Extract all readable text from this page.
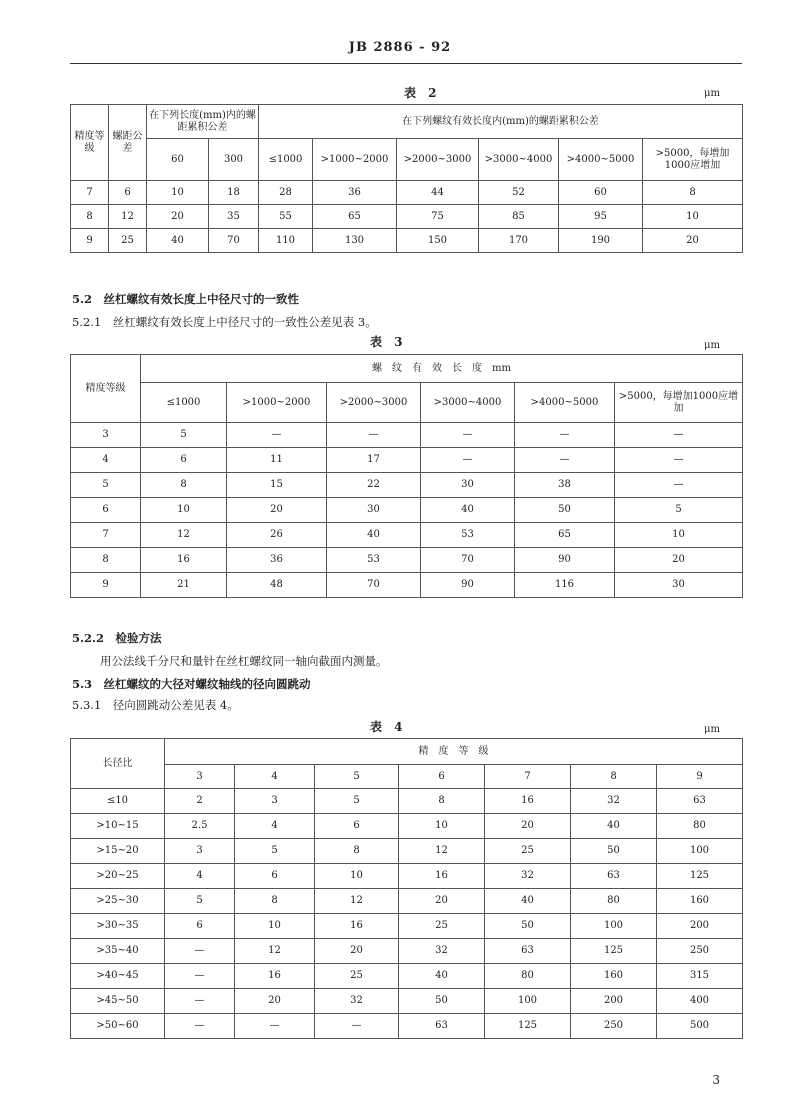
JB 2886 - 92
表 2	μm
精度等级	螺距公差	在下列长度(mm)内的螺距累积公差		在下列螺纹有效长度内(mm)的螺距累积公差					
		60	300	≤1000	>1000~2000	>2000~3000	>3000~4000	>4000~5000	>5000，每增加1000应增加
7	6	10	18	28	36	44	52	60	8
8	12	20	35	55	65	75	85	95	10
9	25	40	70	110	130	150	170	190	20
5.2　丝杠螺纹有效长度上中径尺寸的一致性
5.2.1　丝杠螺纹有效长度上中径尺寸的一致性公差见表 3。
表 3	μm
精度等级	螺　纹　有　效　长　度　mm					
	≤1000	>1000~2000	>2000~3000	>3000~4000	>4000~5000	>5000，每增加1000应增加
3	5	—	—	—	—	—
4	6	11	17	—	—	—
5	8	15	22	30	38	—
6	10	20	30	40	50	5
7	12	26	40	53	65	10
8	16	36	53	70	90	20
9	21	48	70	90	116	30
5.2.2　检验方法
用公法线千分尺和量针在丝杠螺纹同一轴向截面内测量。
5.3　丝杠螺纹的大径对螺纹轴线的径向圆跳动
5.3.1　径向圆跳动公差见表 4。
表 4	μm
长径比	精　度　等　级						
	3	4	5	6	7	8	9
≤10	2	3	5	8	16	32	63
>10~15	2.5	4	6	10	20	40	80
>15~20	3	5	8	12	25	50	100
>20~25	4	6	10	16	32	63	125
>25~30	5	8	12	20	40	80	160
>30~35	6	10	16	25	50	100	200
>35~40	—	12	20	32	63	125	250
>40~45	—	16	25	40	80	160	315
>45~50	—	20	32	50	100	200	400
>50~60	—	—	—	63	125	250	500
3
